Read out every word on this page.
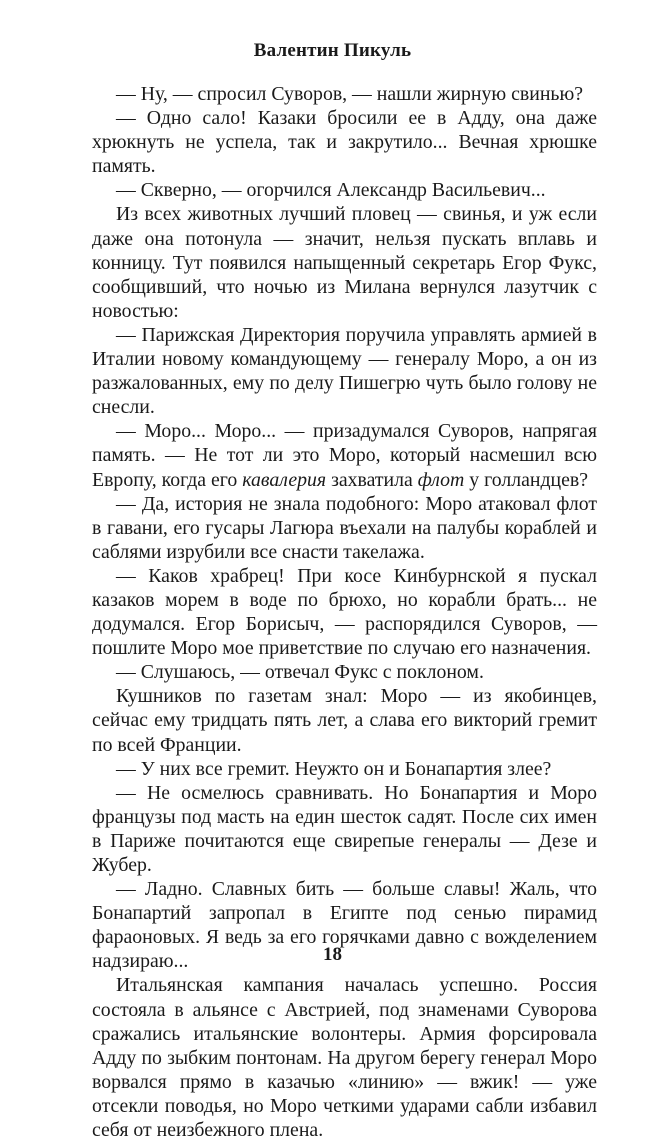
Валентин Пикуль

— Ну, — спросил Суворов, — нашли жирную свинью?

— Одно сало! Казаки бросили ее в Адду, она даже хрюкнуть не успела, так и закрутило... Вечная хрюшке память.

— Скверно, — огорчился Александр Васильевич...

Из всех животных лучший пловец — свинья, и уж если даже она потонула — значит, нельзя пускать вплавь и конницу. Тут появился напыщенный секретарь Егор Фукс, сообщивший, что ночью из Милана вернулся лазутчик с новостью:

— Парижская Директория поручила управлять армией в Италии новому командующему — генералу Моро, а он из разжалованных, ему по делу Пишегрю чуть было голову не снесли.

— Моро... Моро... — призадумался Суворов, напрягая память. — Не тот ли это Моро, который насмешил всю Европу, когда его кавалерия захватила флот у голландцев?

— Да, история не знала подобного: Моро атаковал флот в гавани, его гусары Лагюра въехали на палубы кораблей и саблями изрубили все снасти такелажа.

— Каков храбрец! При косе Кинбурнской я пускал казаков морем в воде по брюхо, но корабли брать... не додумался. Егор Борисыч, — распорядился Суворов, — пошлите Моро мое приветствие по случаю его назначения.

— Слушаюсь, — отвечал Фукс с поклоном.

Кушников по газетам знал: Моро — из якобинцев, сейчас ему тридцать пять лет, а слава его викторий гремит по всей Франции.

— У них все гремит. Неужто он и Бонапартия злее?

— Не осмелюсь сравнивать. Но Бонапартия и Моро французы под масть на един шесток садят. После сих имен в Париже почитаются еще свирепые генералы — Дезе и Жубер.

— Ладно. Славных бить — больше славы! Жаль, что Бонапартий запропал в Египте под сенью пирамид фараоновых. Я ведь за его горячками давно с вожделением надзираю...

Итальянская кампания началась успешно. Россия состояла в альянсе с Австрией, под знаменами Суворова сражались итальянские волонтеры. Армия форсировала Адду по зыбким понтонам. На другом берегу генерал Моро ворвался прямо в казачью «линию» — вжик! — уже отсекли поводья, но Моро четкими ударами сабли избавил себя от неизбежного плена.

18
